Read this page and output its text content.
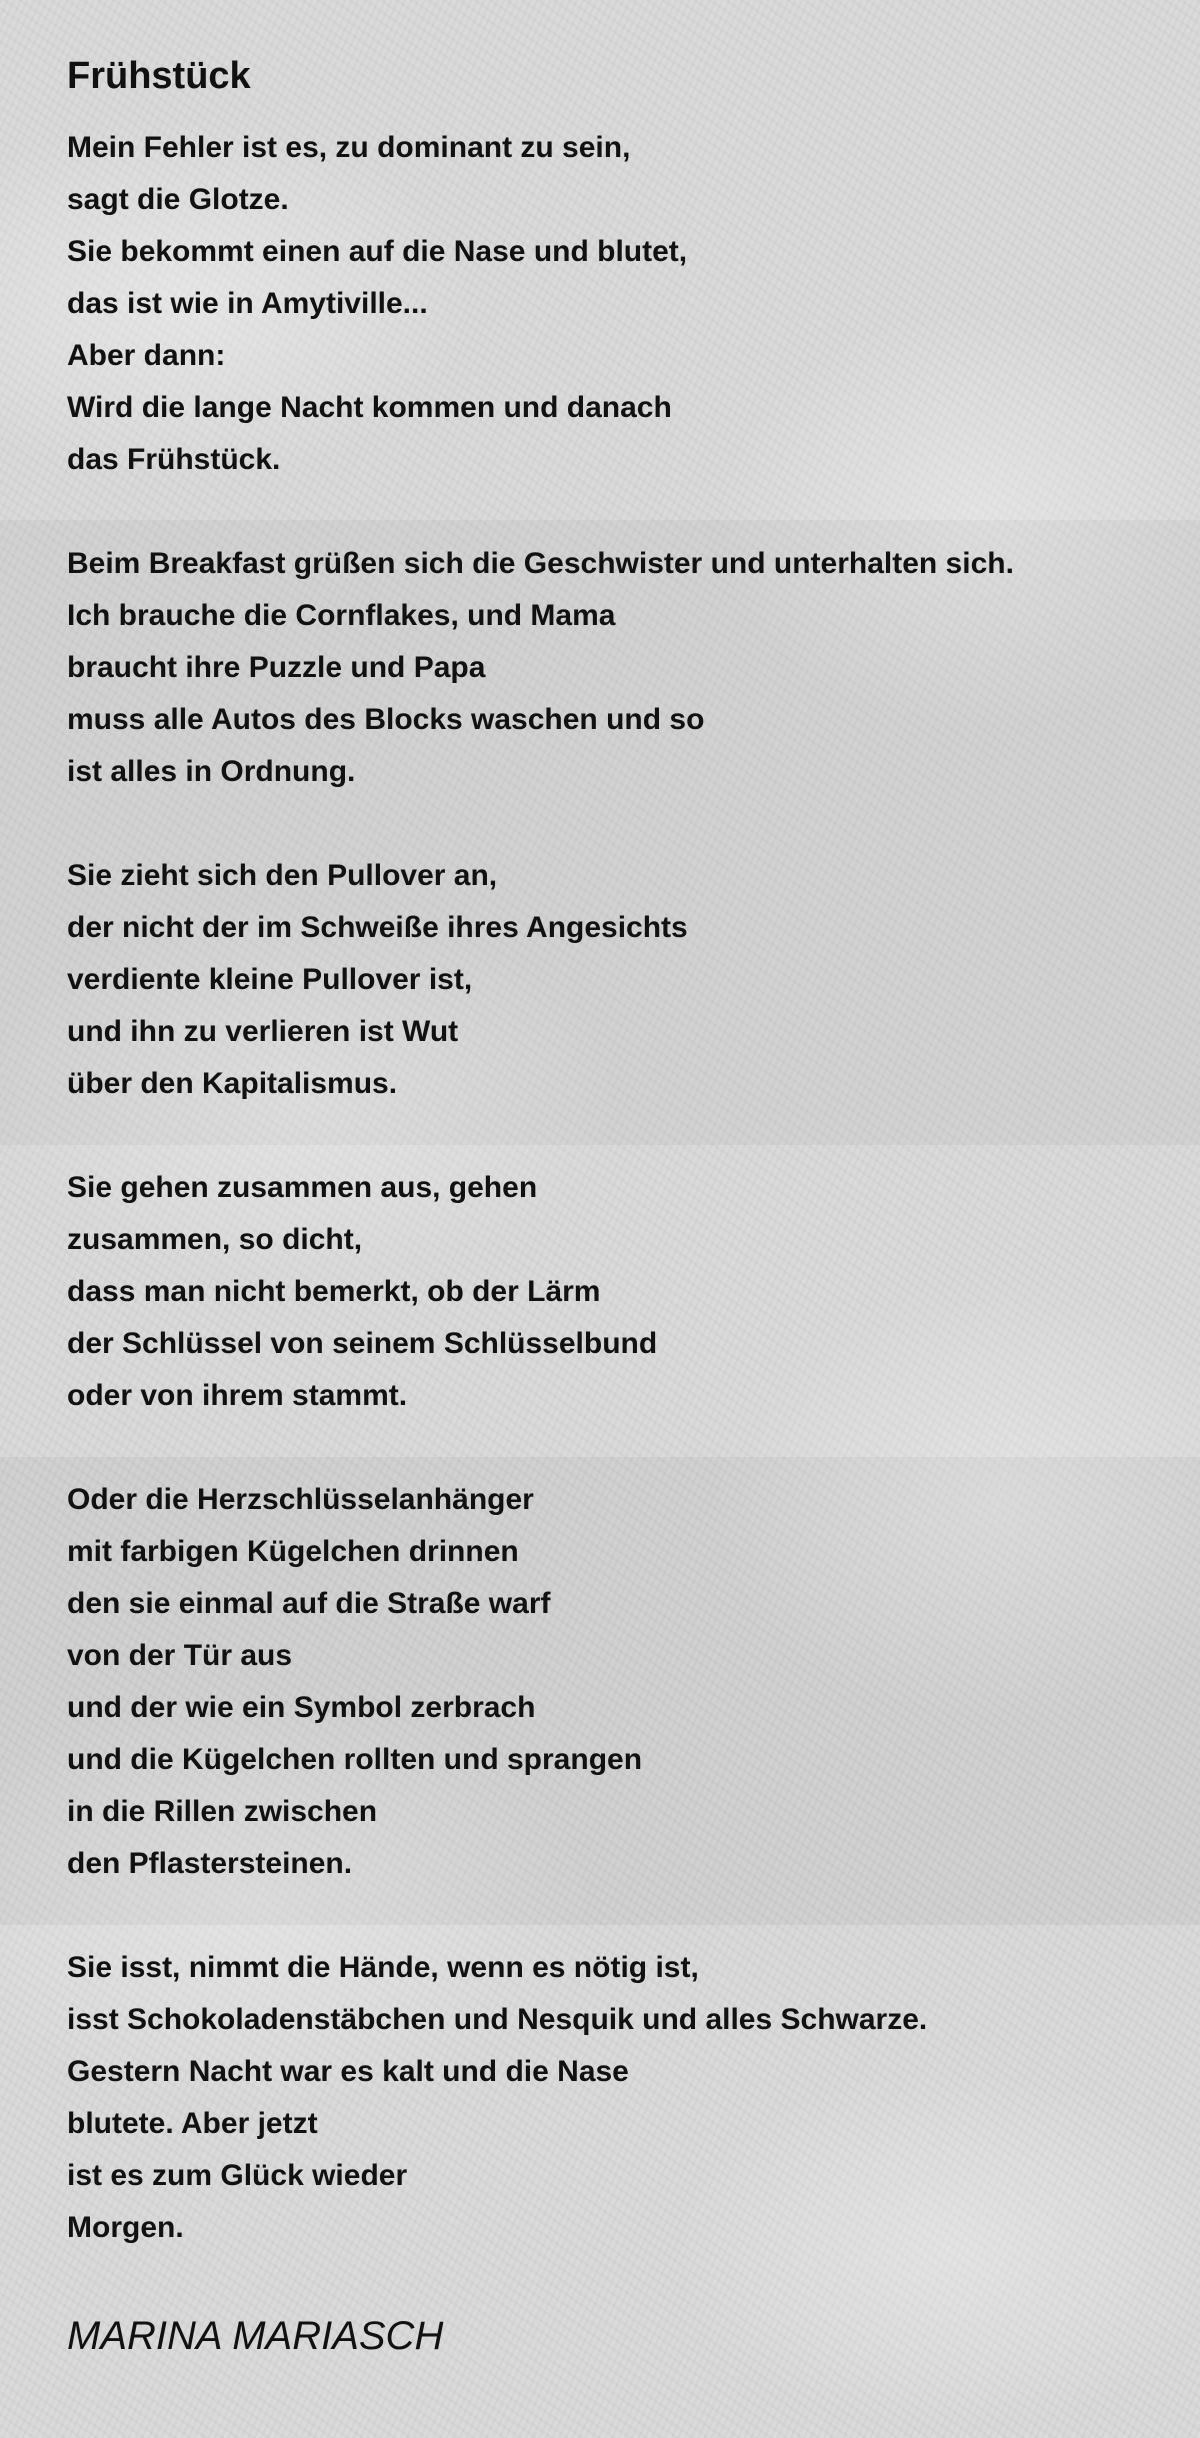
Frühstück
Mein Fehler ist es, zu dominant zu sein,
sagt die Glotze.
Sie bekommt einen auf die Nase und blutet,
das ist wie in Amytiville...
Aber dann:
Wird die lange Nacht kommen und danach
das Frühstück.
Beim Breakfast grüßen sich die Geschwister und unterhalten sich.
Ich brauche die Cornflakes, und Mama
braucht ihre Puzzle und Papa
muss alle Autos des Blocks waschen und so
ist alles in Ordnung.
Sie zieht sich den Pullover an,
der nicht der im Schweiße ihres Angesichts
verdiente kleine Pullover ist,
und ihn zu verlieren ist Wut
über den Kapitalismus.
Sie gehen zusammen aus, gehen
zusammen, so dicht,
dass man nicht bemerkt, ob der Lärm
der Schlüssel von seinem Schlüsselbund
oder von ihrem stammt.
Oder die Herzschlüsselanhänger
mit farbigen Kügelchen drinnen
den sie einmal auf die Straße warf
von der Tür aus
und der wie ein Symbol zerbrach
und die Kügelchen rollten und sprangen
in die Rillen zwischen
den Pflastersteinen.
Sie isst, nimmt die Hände, wenn es nötig ist,
isst Schokoladenstäbchen und Nesquik und alles Schwarze.
Gestern Nacht war es kalt und die Nase
blutete. Aber jetzt
ist es zum Glück wieder
Morgen.
MARINA MARIASCH
